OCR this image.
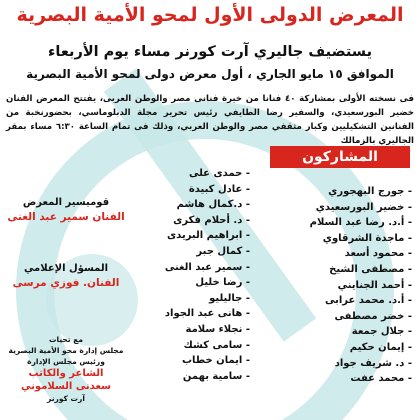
المعرض الدولى الأول لمحو الأمية البصرية
يستضيف جاليري آرت كورنر مساء يوم الأربعاء
الموافق ١٥ مايو الجاري ، أول معرض دولى لمحو الأمية البصرية
فى نسخته الأولى بمشاركة ٤٠ فنانا من خيرة فنانى مصر والوطن العربى، يفتتح المعرض الفنان خضير البورسعيدي، والسفير رضا الطايفي رئيس تحرير مجلة الدبلوماسي، بحضورنخبة من الفنانين التشكيليين وكبار مثقفي مصر والوطن العربي، وذلك فى تمام الساعة ٦:٣٠ مساء بمقر الجاليري بالزمالك
المشاركون
- جورج البهجوري
- خضير البورسعيدي
- أ.د. رضا عبد السلام
- ماجدة الشرقاوي
- محمود أسعد
- مصطفى الشيخ
- أحمد الجنايني
- أ.د. محمد عرابى
- خضر مصطفى
- جلال جمعة
- إيمان حكيم
- د. شريف جواد
- محمد عفت
- حمدى على
- عادل كبيدة
- د.كمال هاشم
- د. أحلام فكرى
- ابراهيم البريدى
- كمال جبر
- سمير عبد الغنى
- رضا خليل
- جاليليو
- هانى عبد الجواد
- نجلاء سلامة
- سامى كشك
- ايمان خطاب
- سامية بهمن
قوميسير المعرض
الفنان سمير عبد الغنى
المسؤل الإعلامي
الفنان. فوزي مرسى
مع تحيات
مجلس إدارة محو الأمية البصرية
ورئيس مجلس الإدارة
الشاعر والكاتب
سعدنى السلاموني
آرت كورنر
